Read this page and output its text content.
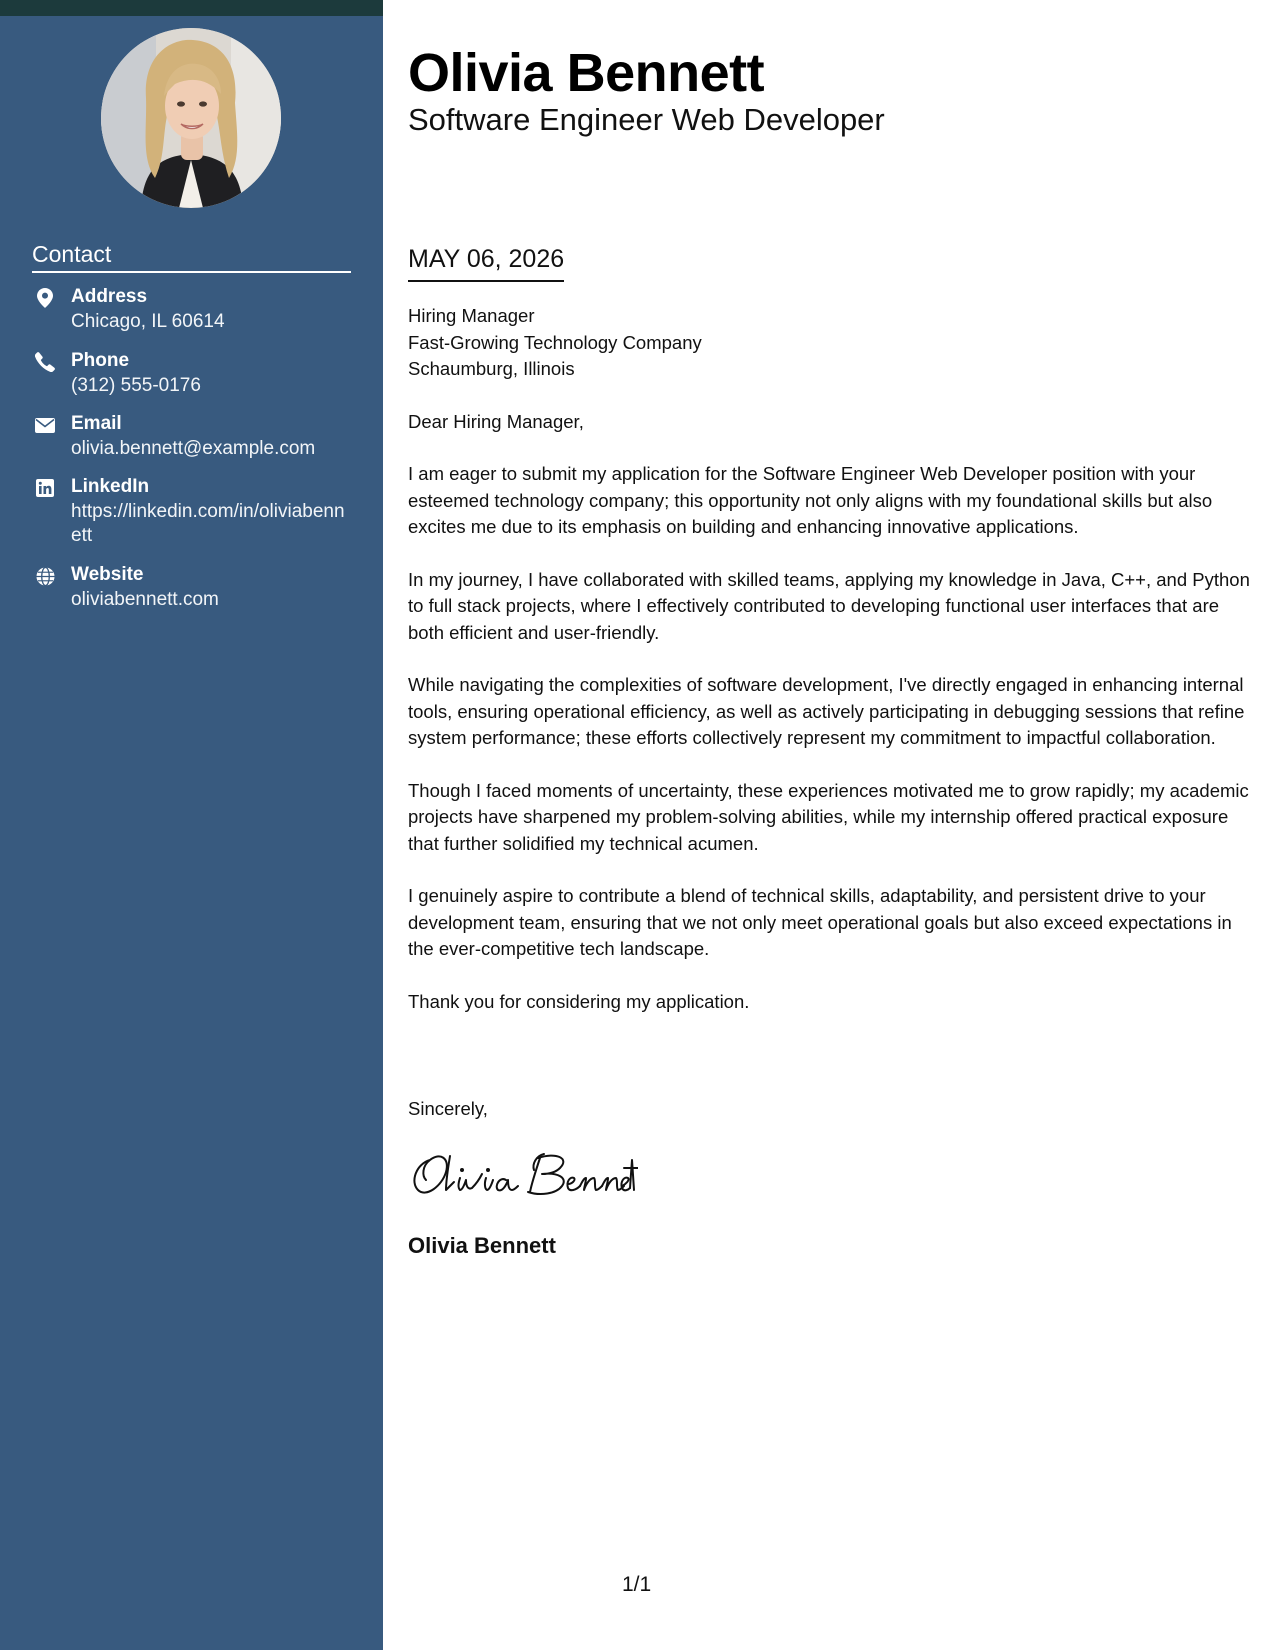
Contact
Address
Chicago, IL 60614
Phone
(312) 555-0176
Email
olivia.bennett@example.com
LinkedIn
https://linkedin.com/in/oliviabennett
Website
oliviabennett.com
Olivia Bennett
Software Engineer Web Developer
MAY 06, 2026
Hiring Manager
Fast-Growing Technology Company
Schaumburg, Illinois

Dear Hiring Manager,

I am eager to submit my application for the Software Engineer Web Developer position with your esteemed technology company; this opportunity not only aligns with my foundational skills but also excites me due to its emphasis on building and enhancing innovative applications.

In my journey, I have collaborated with skilled teams, applying my knowledge in Java, C++, and Python to full stack projects, where I effectively contributed to developing functional user interfaces that are both efficient and user-friendly.

While navigating the complexities of software development, I've directly engaged in enhancing internal tools, ensuring operational efficiency, as well as actively participating in debugging sessions that refine system performance; these efforts collectively represent my commitment to impactful collaboration.

Though I faced moments of uncertainty, these experiences motivated me to grow rapidly; my academic projects have sharpened my problem-solving abilities, while my internship offered practical exposure that further solidified my technical acumen.

I genuinely aspire to contribute a blend of technical skills, adaptability, and persistent drive to your development team, ensuring that we not only meet operational goals but also exceed expectations in the ever-competitive tech landscape.

Thank you for considering my application.

Sincerely,
Olivia Bennett
1/1
